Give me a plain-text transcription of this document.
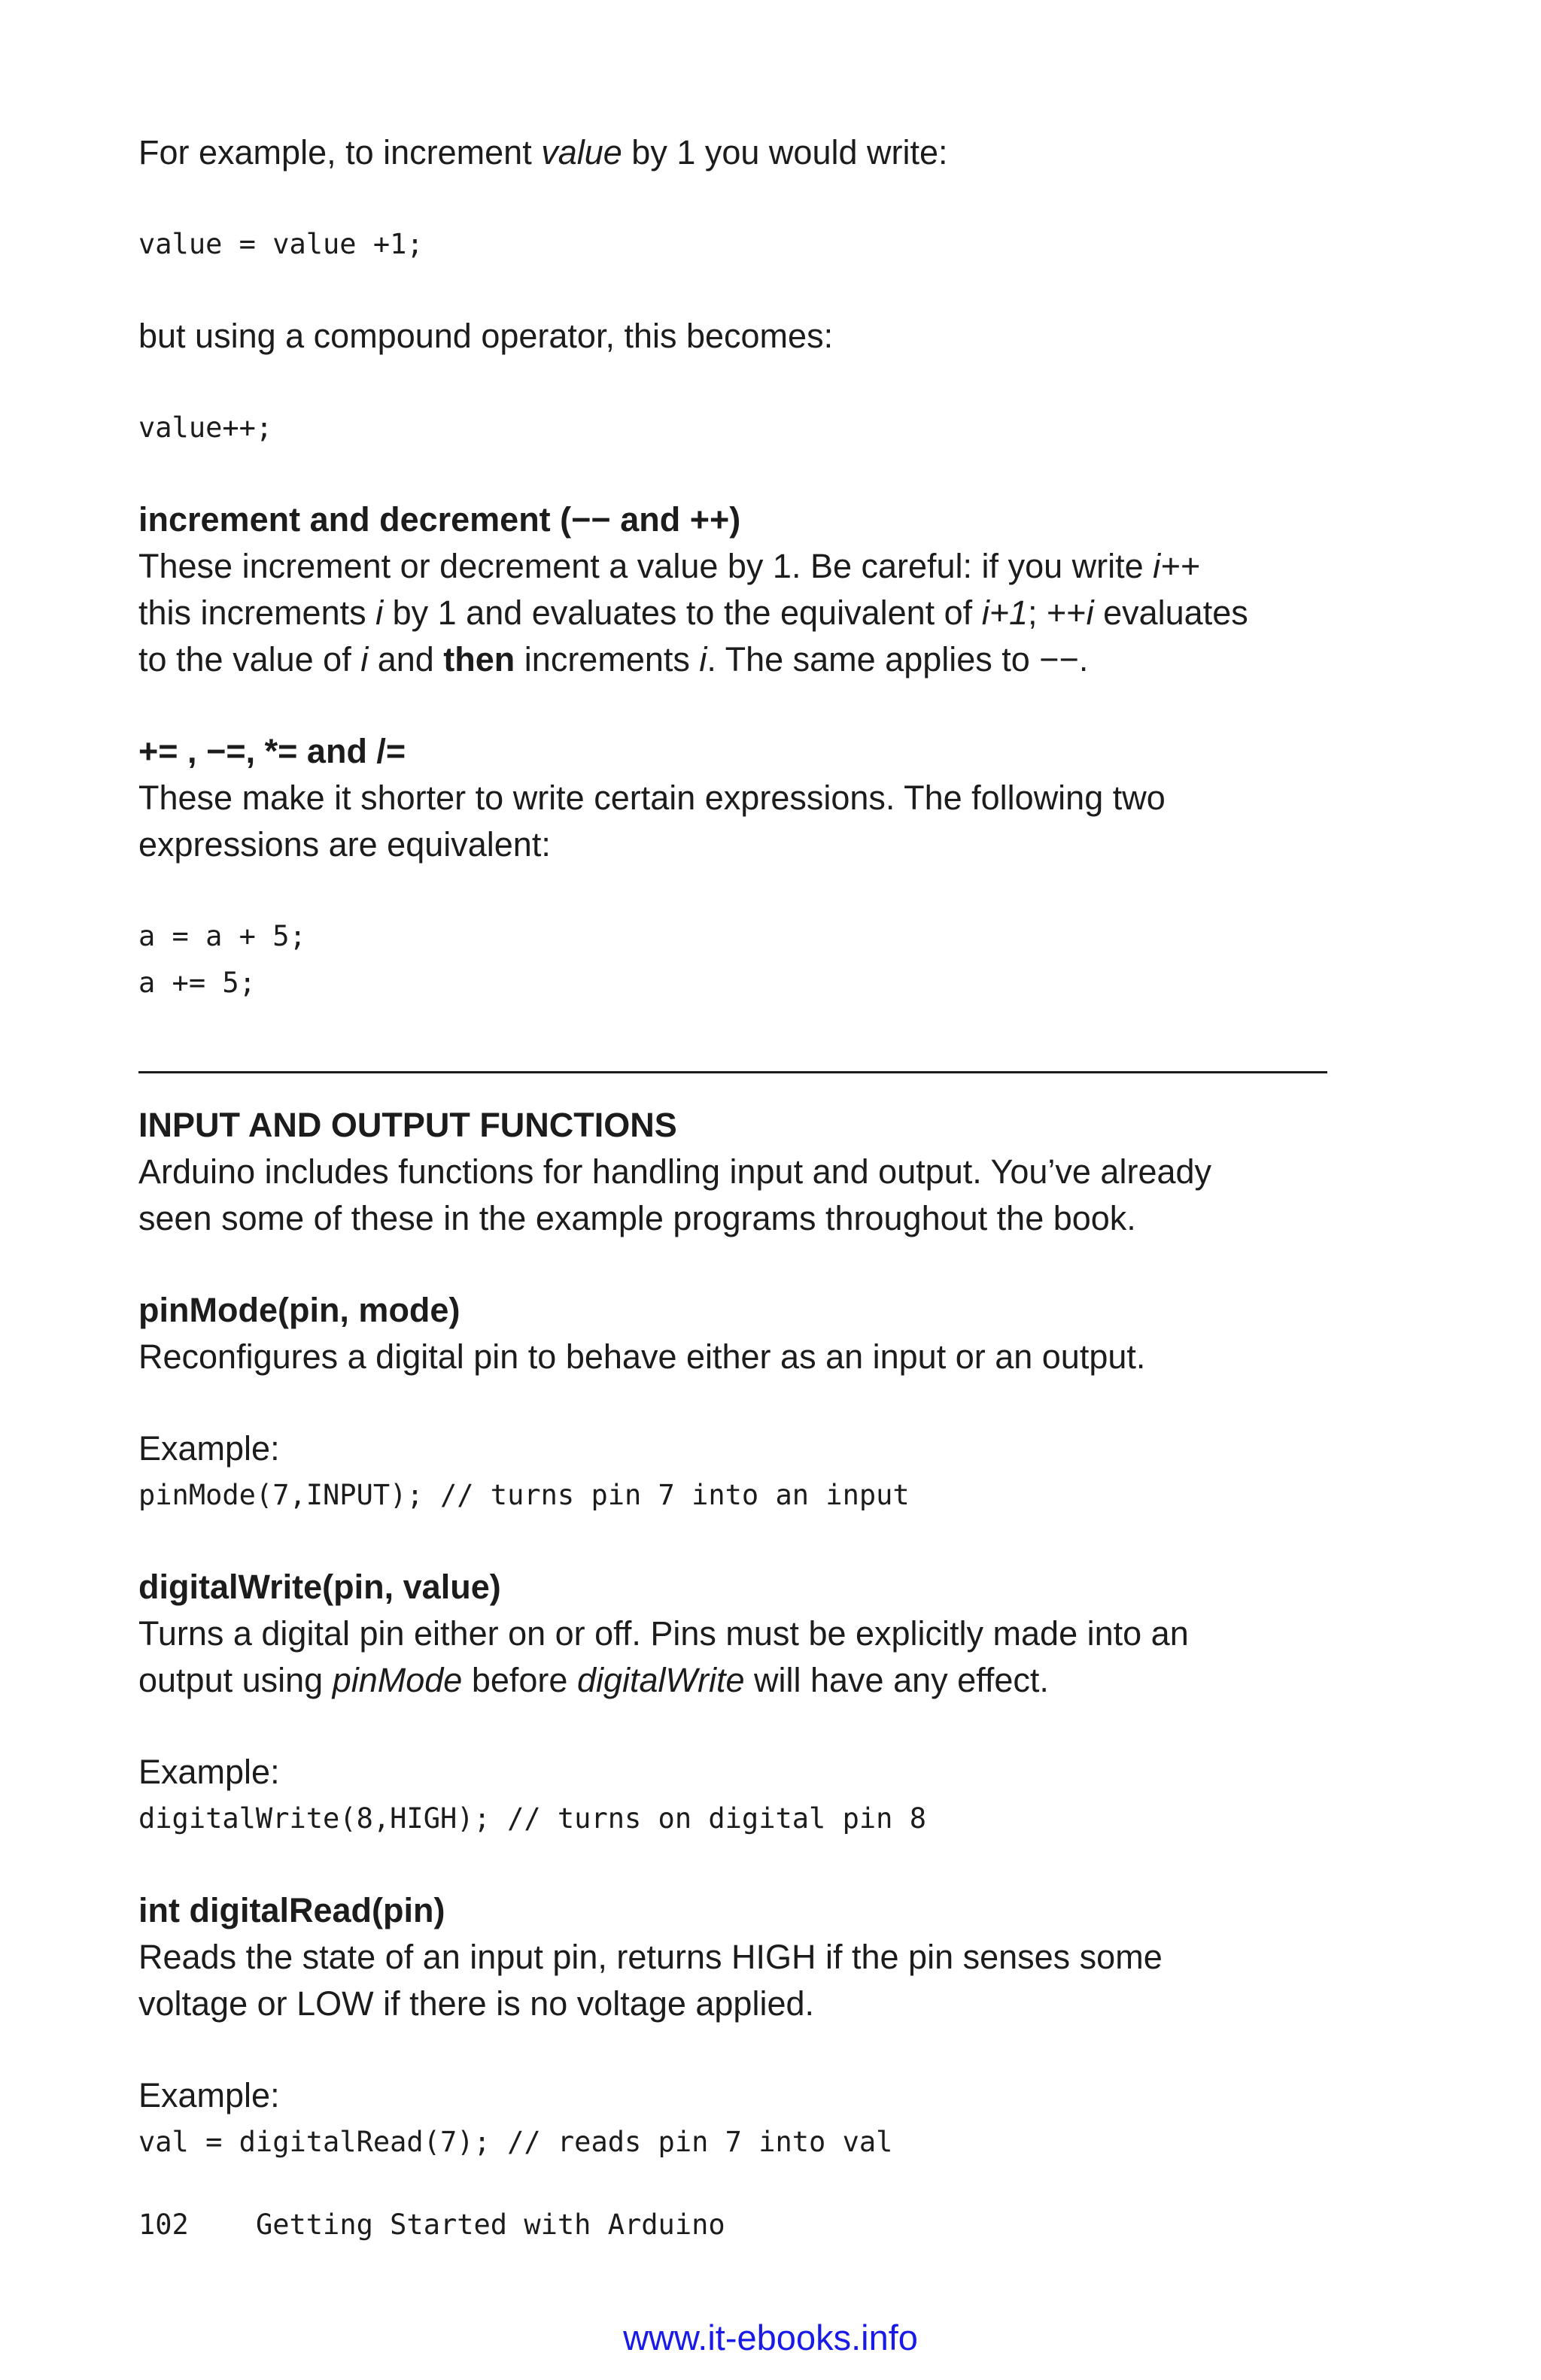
For example, to increment value by 1 you would write:

value = value +1;

but using a compound operator, this becomes:

value++;

increment and decrement (−− and ++)

These increment or decrement a value by 1. Be careful: if you write i++
this increments i by 1 and evaluates to the equivalent of i+1; ++i evaluates
to the value of i and then increments i. The same applies to −−.

+= , −=, *= and /=

These make it shorter to write certain expressions. The following two
expressions are equivalent:

a = a + 5;

a += 5;

INPUT AND OUTPUT FUNCTIONS

Arduino includes functions for handling input and output. You’ve already
seen some of these in the example programs throughout the book.

pinMode(pin, mode)

Reconfigures a digital pin to behave either as an input or an output.

Example:

pinMode(7,INPUT); // turns pin 7 into an input

digitalWrite(pin, value)

Turns a digital pin either on or off. Pins must be explicitly made into an
output using pinMode before digitalWrite will have any effect.

Example:

digitalWrite(8,HIGH); // turns on digital pin 8

int digitalRead(pin)

Reads the state of an input pin, returns HIGH if the pin senses some
voltage or LOW if there is no voltage applied.

Example:

val = digitalRead(7); // reads pin 7 into val

102 Getting Started with Arduino
www.it-ebooks.info
